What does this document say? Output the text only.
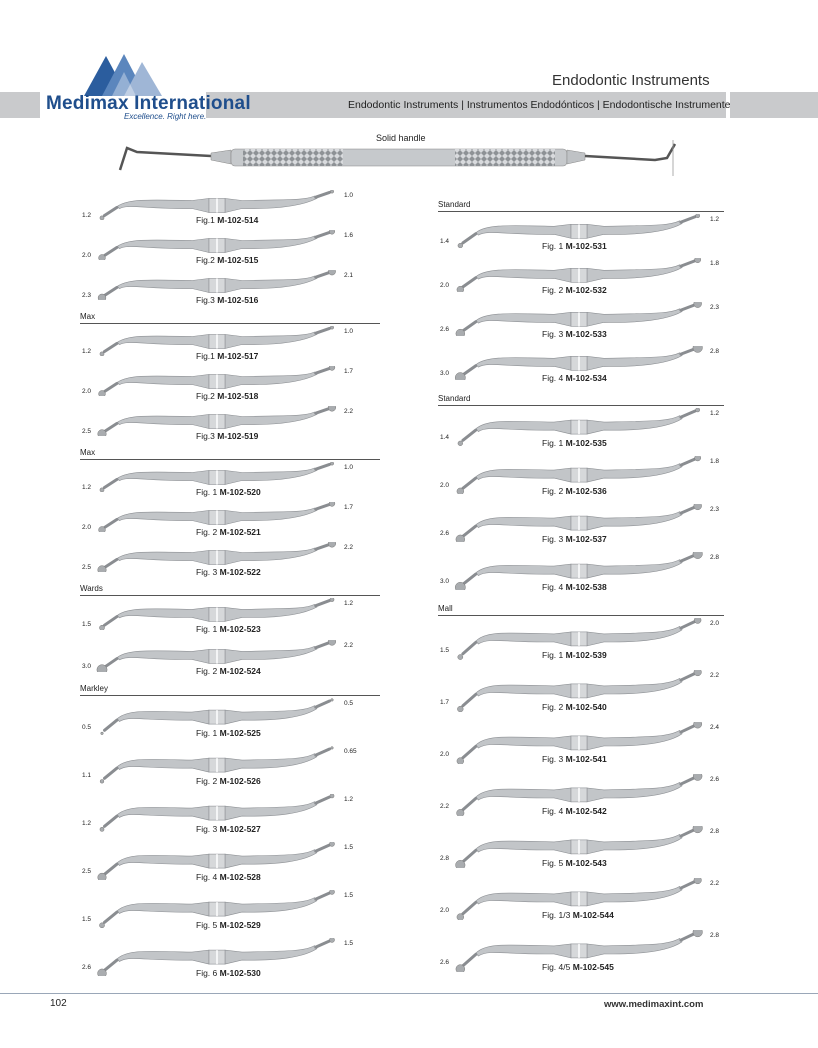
Medimax International
Excellence. Right here.
Endodontic Instruments
Endodontic Instruments | Instrumentos Endodónticos | Endodontische Instrumente
Solid handle
1.2
1.0
Fig.1 M-102-514
2.0
1.6
Fig.2 M-102-515
2.3
2.1
Fig.3 M-102-516
Max
1.2
1.0
Fig.1 M-102-517
2.0
1.7
Fig.2 M-102-518
2.5
2.2
Fig.3 M-102-519
Max
1.2
1.0
Fig. 1 M-102-520
2.0
1.7
Fig. 2 M-102-521
2.5
2.2
Fig. 3 M-102-522
Wards
1.5
1.2
Fig. 1 M-102-523
3.0
2.2
Fig. 2 M-102-524
Markley
0.5
0.5
Fig. 1 M-102-525
1.1
0.65
Fig. 2 M-102-526
1.2
1.2
Fig. 3 M-102-527
2.5
1.5
Fig. 4 M-102-528
1.5
1.5
Fig. 5 M-102-529
2.6
1.5
Fig. 6 M-102-530
Standard
1.4
1.2
Fig. 1 M-102-531
2.0
1.8
Fig. 2 M-102-532
2.6
2.3
Fig. 3 M-102-533
3.0
2.8
Fig. 4 M-102-534
Standard
1.4
1.2
Fig. 1 M-102-535
2.0
1.8
Fig. 2 M-102-536
2.6
2.3
Fig. 3 M-102-537
3.0
2.8
Fig. 4 M-102-538
Mall
1.5
2.0
Fig. 1 M-102-539
1.7
2.2
Fig. 2 M-102-540
2.0
2.4
Fig. 3 M-102-541
2.2
2.6
Fig. 4 M-102-542
2.8
2.8
Fig. 5 M-102-543
2.0
2.2
Fig. 1/3 M-102-544
2.6
2.8
Fig. 4/5 M-102-545
102	www.medimaxint.com
